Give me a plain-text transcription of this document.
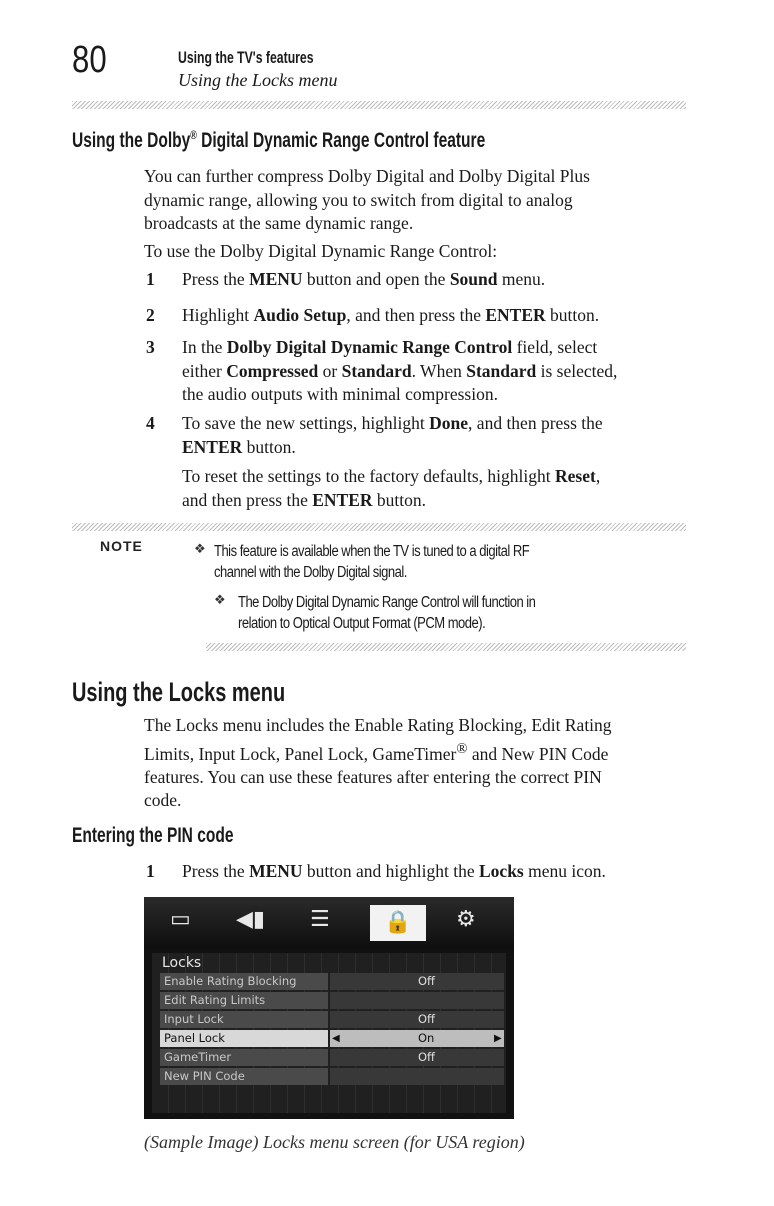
80	Using the TV's features
Using the Locks menu
Using the Dolby® Digital Dynamic Range Control feature
You can further compress Dolby Digital and Dolby Digital Plus
dynamic range, allowing you to switch from digital to analog
broadcasts at the same dynamic range.
To use the Dolby Digital Dynamic Range Control:
1 Press the MENU button and open the Sound menu.
2 Highlight Audio Setup, and then press the ENTER button.
3 In the Dolby Digital Dynamic Range Control field, select
either Compressed or Standard. When Standard is selected,
the audio outputs with minimal compression.
4 To save the new settings, highlight Done, and then press the
ENTER button.
To reset the settings to the factory defaults, highlight Reset,
and then press the ENTER button.
NOTE	❖ This feature is available when the TV is tuned to a digital RF
channel with the Dolby Digital signal.
❖ The Dolby Digital Dynamic Range Control will function in
relation to Optical Output Format (PCM mode).
Using the Locks menu
The Locks menu includes the Enable Rating Blocking, Edit Rating
Limits, Input Lock, Panel Lock, GameTimer® and New PIN Code
features. You can use these features after entering the correct PIN
code.
Entering the PIN code
1 Press the MENU button and highlight the Locks menu icon.
▭ ◀▮ ☰	🔒	⚙
Locks
Enable Rating Blocking	Off
Edit Rating Limits
Input Lock	Off
Panel Lock	◀	On	▶
GameTimer	Off
New PIN Code
(Sample Image) Locks menu screen (for USA region)
